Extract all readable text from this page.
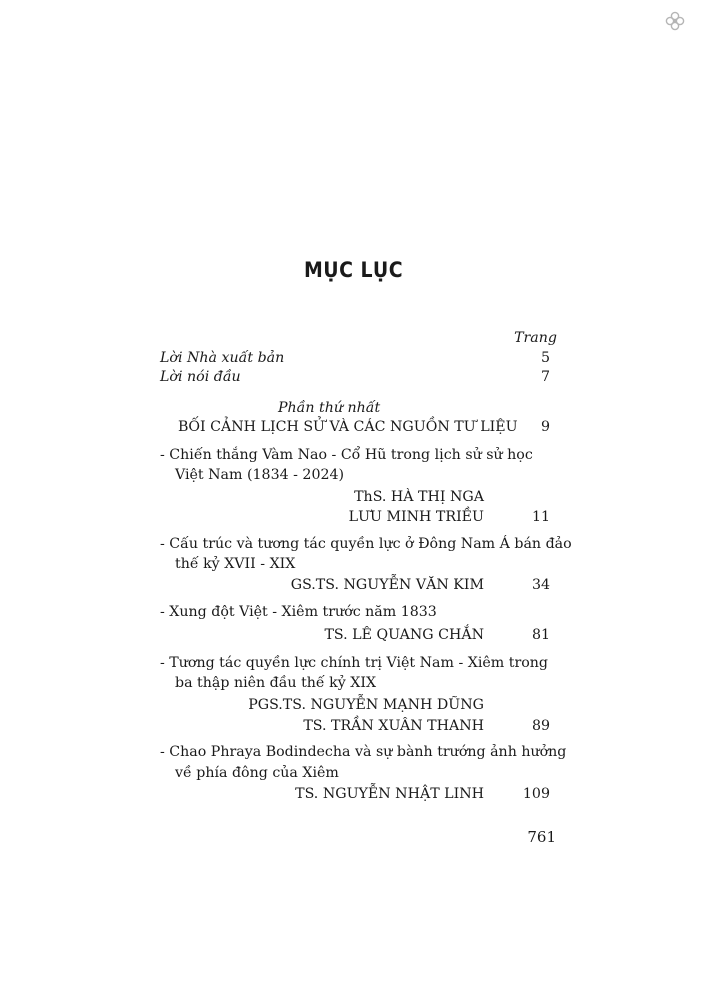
MỤC LỤC
Trang
Lời Nhà xuất bản	5
Lời nói đầu	7
Phần thứ nhất
BỐI CẢNH LỊCH SỬ VÀ CÁC NGUỒN TƯ LIỆU	9
- Chiến thắng Vàm Nao - Cổ Hũ trong lịch sử sử học
Việt Nam (1834 - 2024)
ThS. HÀ THỊ NGA
LƯU MINH TRIỀU	11
- Cấu trúc và tương tác quyền lực ở Đông Nam Á bán đảo
thế kỷ XVII - XIX
GS.TS. NGUYỄN VĂN KIM	34
- Xung đột Việt - Xiêm trước năm 1833
TS. LÊ QUANG CHẮN	81
- Tương tác quyền lực chính trị Việt Nam - Xiêm trong
ba thập niên đầu thế kỷ XIX
PGS.TS. NGUYỄN MẠNH DŨNG
TS. TRẦN XUÂN THANH	89
- Chao Phraya Bodindecha và sự bành trướng ảnh hưởng
về phía đông của Xiêm
TS. NGUYỄN NHẬT LINH	109
761
